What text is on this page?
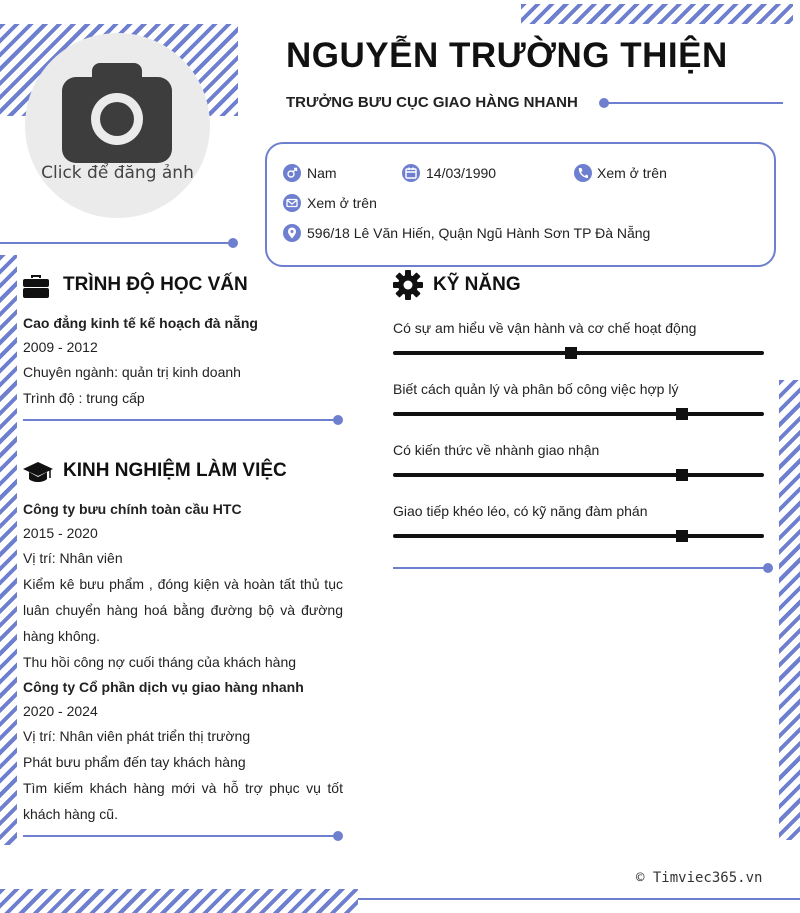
Click để đăng ảnh
NGUYỄN TRƯỜNG THIỆN
TRƯỞNG BƯU CỤC GIAO HÀNG NHANH
Nam	14/03/1990	Xem ở trên
Xem ở trên
596/18 Lê Văn Hiến, Quận Ngũ Hành Sơn TP Đà Nẵng
TRÌNH ĐỘ HỌC VẤN
Cao đẳng kinh tế kế hoạch đà nẵng
2009 - 2012
Chuyên ngành: quản trị kinh doanh
Trình độ : trung cấp
KINH NGHIỆM LÀM VIỆC
Công ty bưu chính toàn cầu HTC
2015 - 2020
Vị trí: Nhân viên
Kiểm kê bưu phẩm , đóng kiện và hoàn tất thủ tục luân chuyển hàng hoá bằng đường bộ và đường hàng không.
Thu hồi công nợ cuối tháng của khách hàng
Công ty Cổ phần dịch vụ giao hàng nhanh
2020 - 2024
Vị trí: Nhân viên phát triển thị trường
Phát bưu phẩm đến tay khách hàng
Tìm kiếm khách hàng mới và hỗ trợ phục vụ tốt khách hàng cũ.
KỸ NĂNG
Có sự am hiểu về vận hành và cơ chế hoạt động
Biết cách quản lý và phân bố công việc hợp lý
Có kiến thức về nhành giao nhận
Giao tiếp khéo léo, có kỹ năng đàm phán
© Timviec365.vn
